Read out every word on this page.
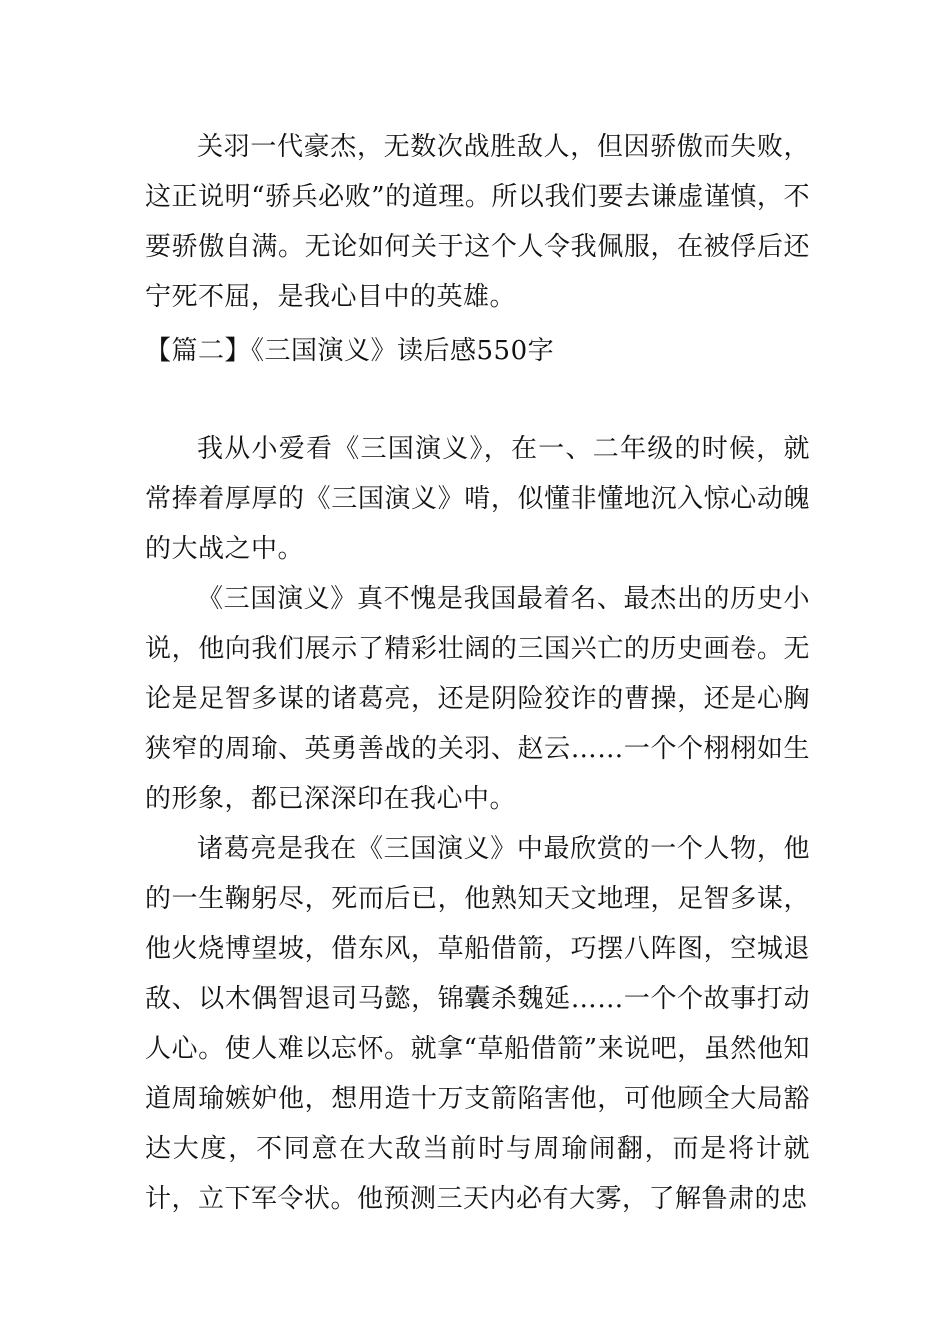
关羽一代豪杰，无数次战胜敌人，但因骄傲而失败，这正说明“骄兵必败”的道理。所以我们要去谦虚谨慎，不要骄傲自满。无论如何关于这个人令我佩服，在被俘后还宁死不屈，是我心目中的英雄。

【篇二】《三国演义》读后感550字

我从小爱看《三国演义》，在一、二年级的时候，就常捧着厚厚的《三国演义》啃，似懂非懂地沉入惊心动魄的大战之中。

《三国演义》真不愧是我国最着名、最杰出的历史小说，他向我们展示了精彩壮阔的三国兴亡的历史画卷。无论是足智多谋的诸葛亮，还是阴险狡诈的曹操，还是心胸狭窄的周瑜、英勇善战的关羽、赵云……一个个栩栩如生的形象，都已深深印在我心中。

诸葛亮是我在《三国演义》中最欣赏的一个人物，他的一生鞠躬尽，死而后已，他熟知天文地理，足智多谋，他火烧博望坡，借东风，草船借箭，巧摆八阵图，空城退敌、以木偶智退司马懿，锦囊杀魏延……一个个故事打动人心。使人难以忘怀。就拿“草船借箭”来说吧，虽然他知道周瑜嫉妒他，想用造十万支箭陷害他，可他顾全大局豁达大度，不同意在大敌当前时与周瑜闹翻，而是将计就计，立下军令状。他预测三天内必有大雾，了解鲁肃的忠
